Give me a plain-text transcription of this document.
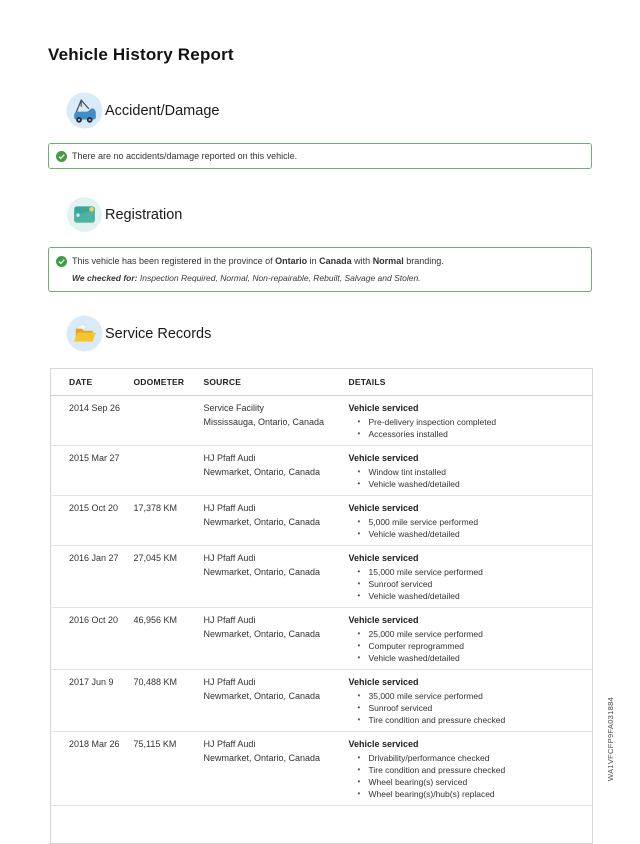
Vehicle History Report
Accident/Damage
There are no accidents/damage reported on this vehicle.
Registration
This vehicle has been registered in the province of Ontario in Canada with Normal branding.
We checked for: Inspection Required, Normal, Non-repairable, Rebuilt, Salvage and Stolen.
Service Records
DATE	ODOMETER	SOURCE	DETAILS
2014 Sep 26		Service Facility
Mississauga, Ontario, Canada

Vehicle serviced
• Pre-delivery inspection completed
• Accessories installed

2015 Mar 27		HJ Pfaff Audi
Newmarket, Ontario, Canada

Vehicle serviced
• Window tint installed
• Vehicle washed/detailed

2015 Oct 20	17,378 KM	HJ Pfaff Audi
Newmarket, Ontario, Canada

Vehicle serviced
• 5,000 mile service performed
• Vehicle washed/detailed

2016 Jan 27	27,045 KM	HJ Pfaff Audi
Newmarket, Ontario, Canada

Vehicle serviced
• 15,000 mile service performed
• Sunroof serviced
• Vehicle washed/detailed

2016 Oct 20	46,956 KM	HJ Pfaff Audi
Newmarket, Ontario, Canada

Vehicle serviced
• 25,000 mile service performed
• Computer reprogrammed
• Vehicle washed/detailed

2017 Jun 9	70,488 KM	HJ Pfaff Audi
Newmarket, Ontario, Canada

Vehicle serviced
• 35,000 mile service performed
• Sunroof serviced
• Tire condition and pressure checked

2018 Mar 26	75,115 KM	HJ Pfaff Audi
Newmarket, Ontario, Canada

Vehicle serviced
• Drivability/performance checked
• Tire condition and pressure checked
• Wheel bearing(s) serviced
• Wheel bearing(s)/hub(s) replaced

WA1VFCFP9FA031884
